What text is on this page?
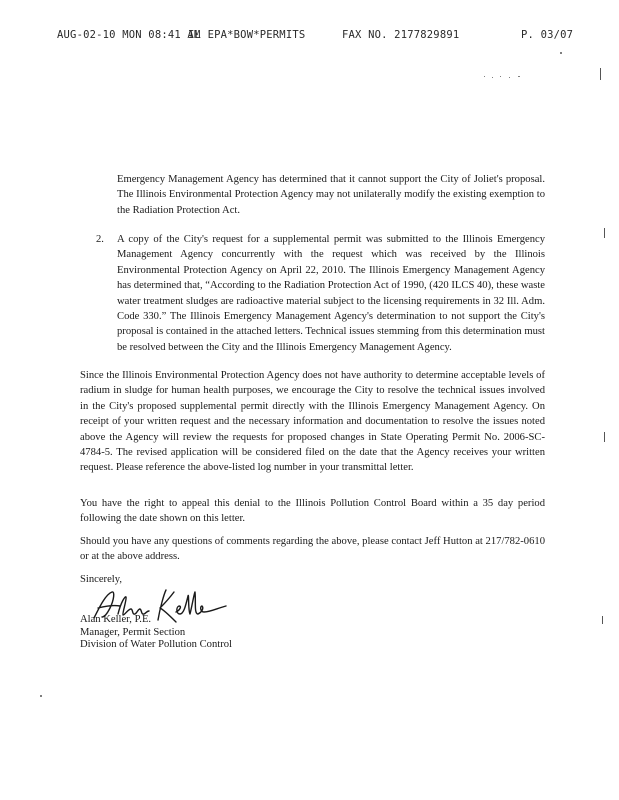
AUG-02-10 MON 08:41 AM
IL EPA*BOW*PERMITS	FAX NO. 2177829891	P. 03/07
Emergency Management Agency has determined that it cannot support the City of Joliet's proposal. The Illinois Environmental Protection Agency may not unilaterally modify the existing exemption to the Radiation Protection Act.
2.	A copy of the City's request for a supplemental permit was submitted to the Illinois Emergency Management Agency concurrently with the request which was received by the Illinois Environmental Protection Agency on April 22, 2010. The Illinois Emergency Management Agency has determined that, “According to the Radiation Protection Act of 1990, (420 ILCS 40), these waste water treatment sludges are radioactive material subject to the licensing requirements in 32 Ill. Adm. Code 330.” The Illinois Emergency Management Agency's determination to not support the City's proposal is contained in the attached letters. Technical issues stemming from this determination must be resolved between the City and the Illinois Emergency Management Agency.
Since the Illinois Environmental Protection Agency does not have authority to determine acceptable levels of radium in sludge for human health purposes, we encourage the City to resolve the technical issues involved in the City's proposed supplemental permit directly with the Illinois Emergency Management Agency. On receipt of your written request and the necessary information and documentation to resolve the issues noted above the Agency will review the requests for proposed changes in State Operating Permit No. 2006-SC-4784-5. The revised application will be considered filed on the date that the Agency receives your written request. Please reference the above-listed log number in your transmittal letter.
You have the right to appeal this denial to the Illinois Pollution Control Board within a 35 day period following the date shown on this letter.
Should you have any questions of comments regarding the above, please contact Jeff Hutton at 217/782-0610 or at the above address.
Sincerely,
Alan Keller, P.E.
Manager, Permit Section
Division of Water Pollution Control
